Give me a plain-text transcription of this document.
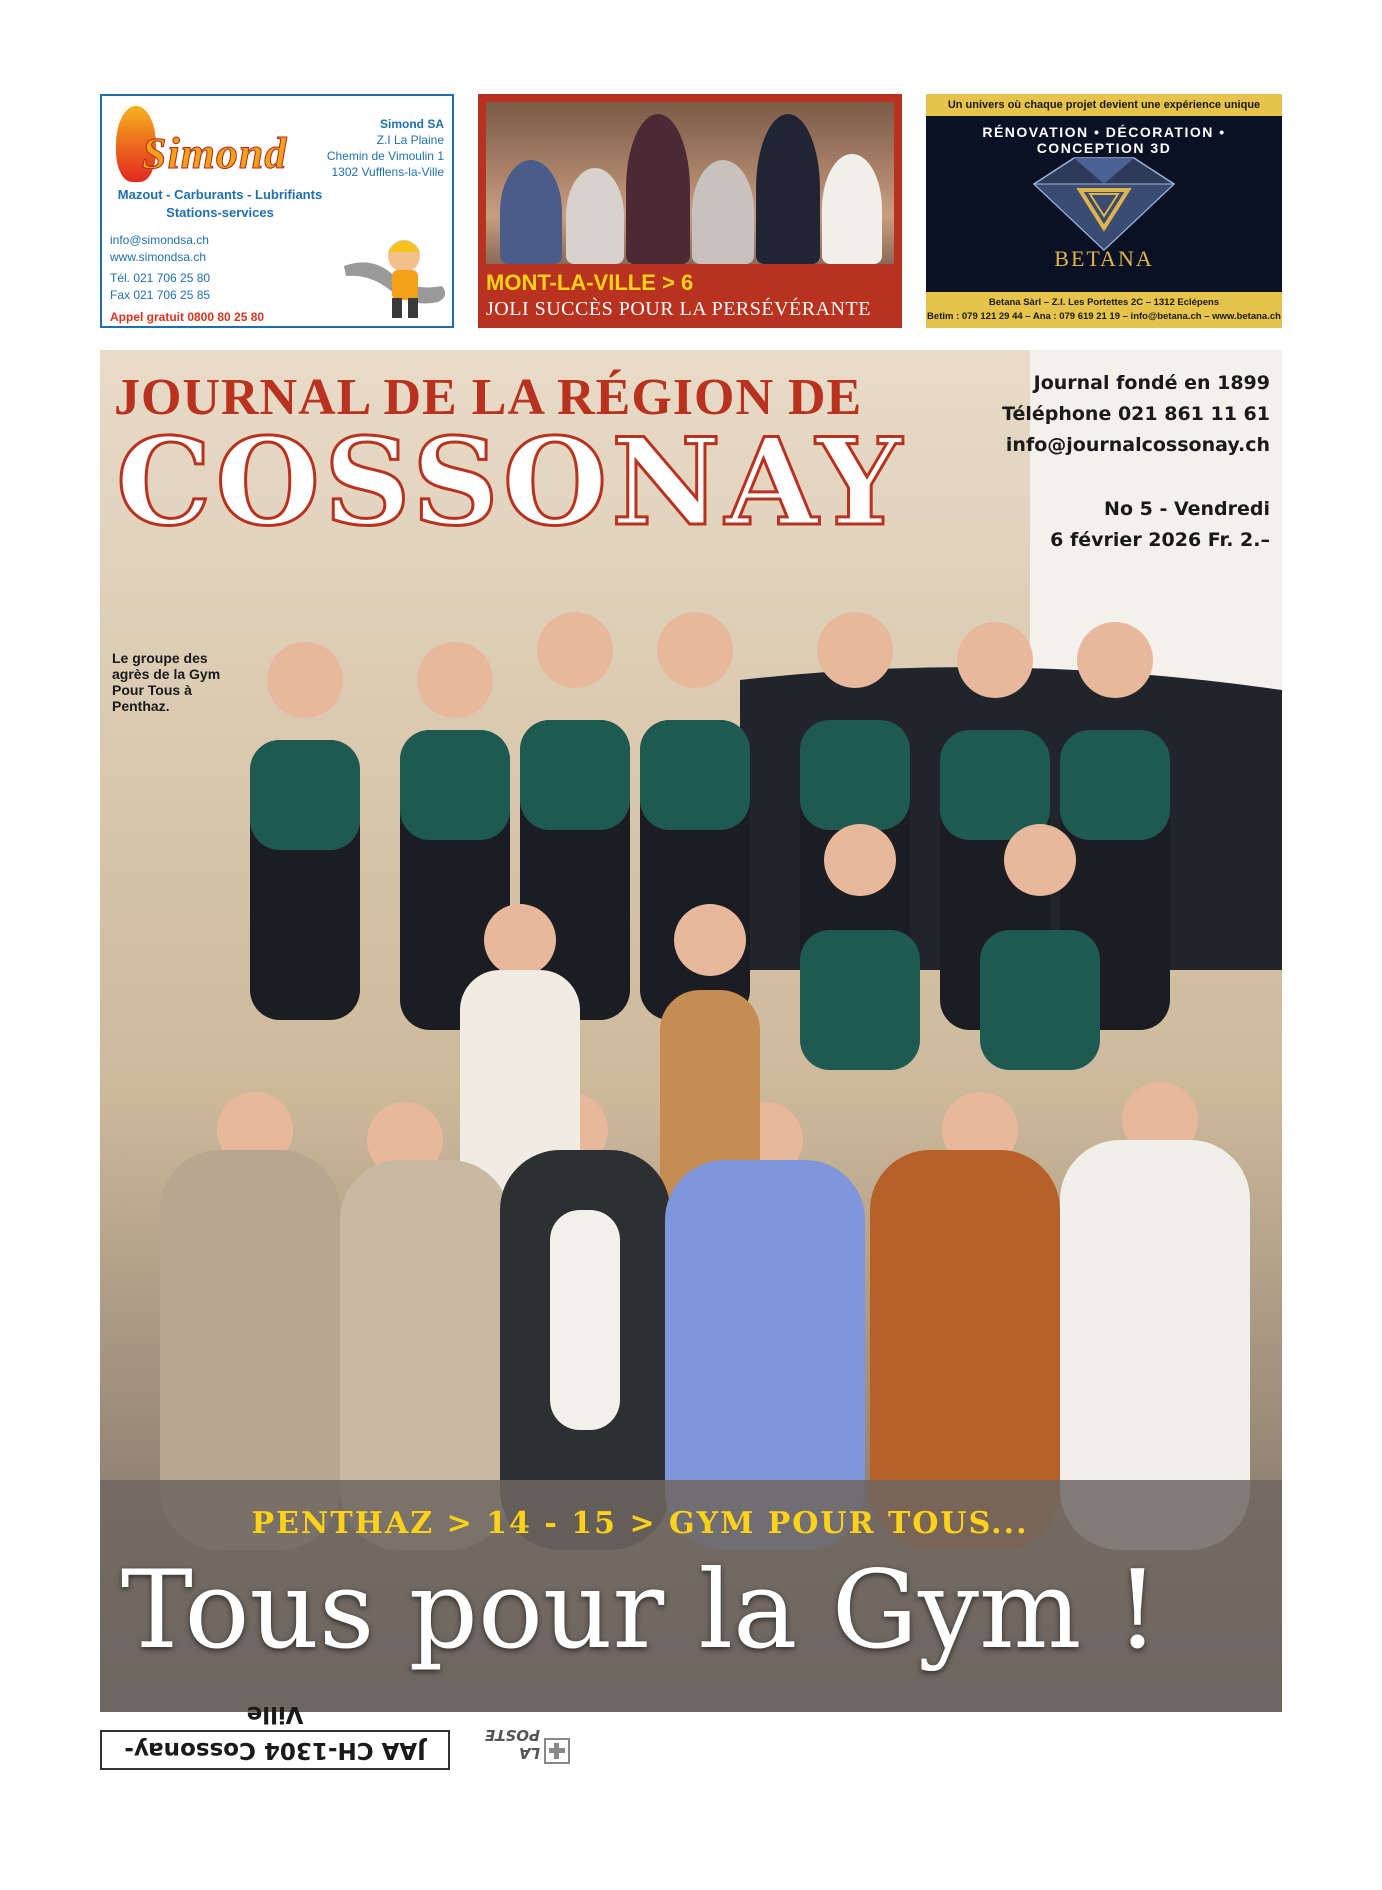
Simond
Simond SA
Z.I La Plaine
Chemin de Vimoulin 1
1302 Vufflens-la-Ville
Mazout - Carburants - Lubrifiants
Stations-services
info@simondsa.ch
www.simondsa.ch
Tél. 021 706 25 80
Fax 021 706 25 85
Appel gratuit 0800 80 25 80
MONT-LA-VILLE > 6
JOLI SUCCÈS POUR LA PERSÉVÉRANTE
Un univers où chaque projet devient une expérience unique
RÉNOVATION • DÉCORATION • CONCEPTION 3D
BETANA
Betana Sàrl – Z.I. Les Portettes 2C – 1312 Eclépens
Betim : 079 121 29 44 – Ana : 079 619 21 19 – info@betana.ch – www.betana.ch
JOURNAL DE LA RÉGION DE
COSSONAY
Journal fondé en 1899
Téléphone 021 861 11 61
info@journalcossonay.ch
No 5 - Vendredi
6 février 2026 Fr. 2.–
Le groupe des agrès de la Gym Pour Tous à Penthaz.
PENTHAZ > 14 - 15 > GYM POUR TOUS...
Tous pour la Gym !
JAA CH-1304 Cossonay-Ville
LA POSTE
